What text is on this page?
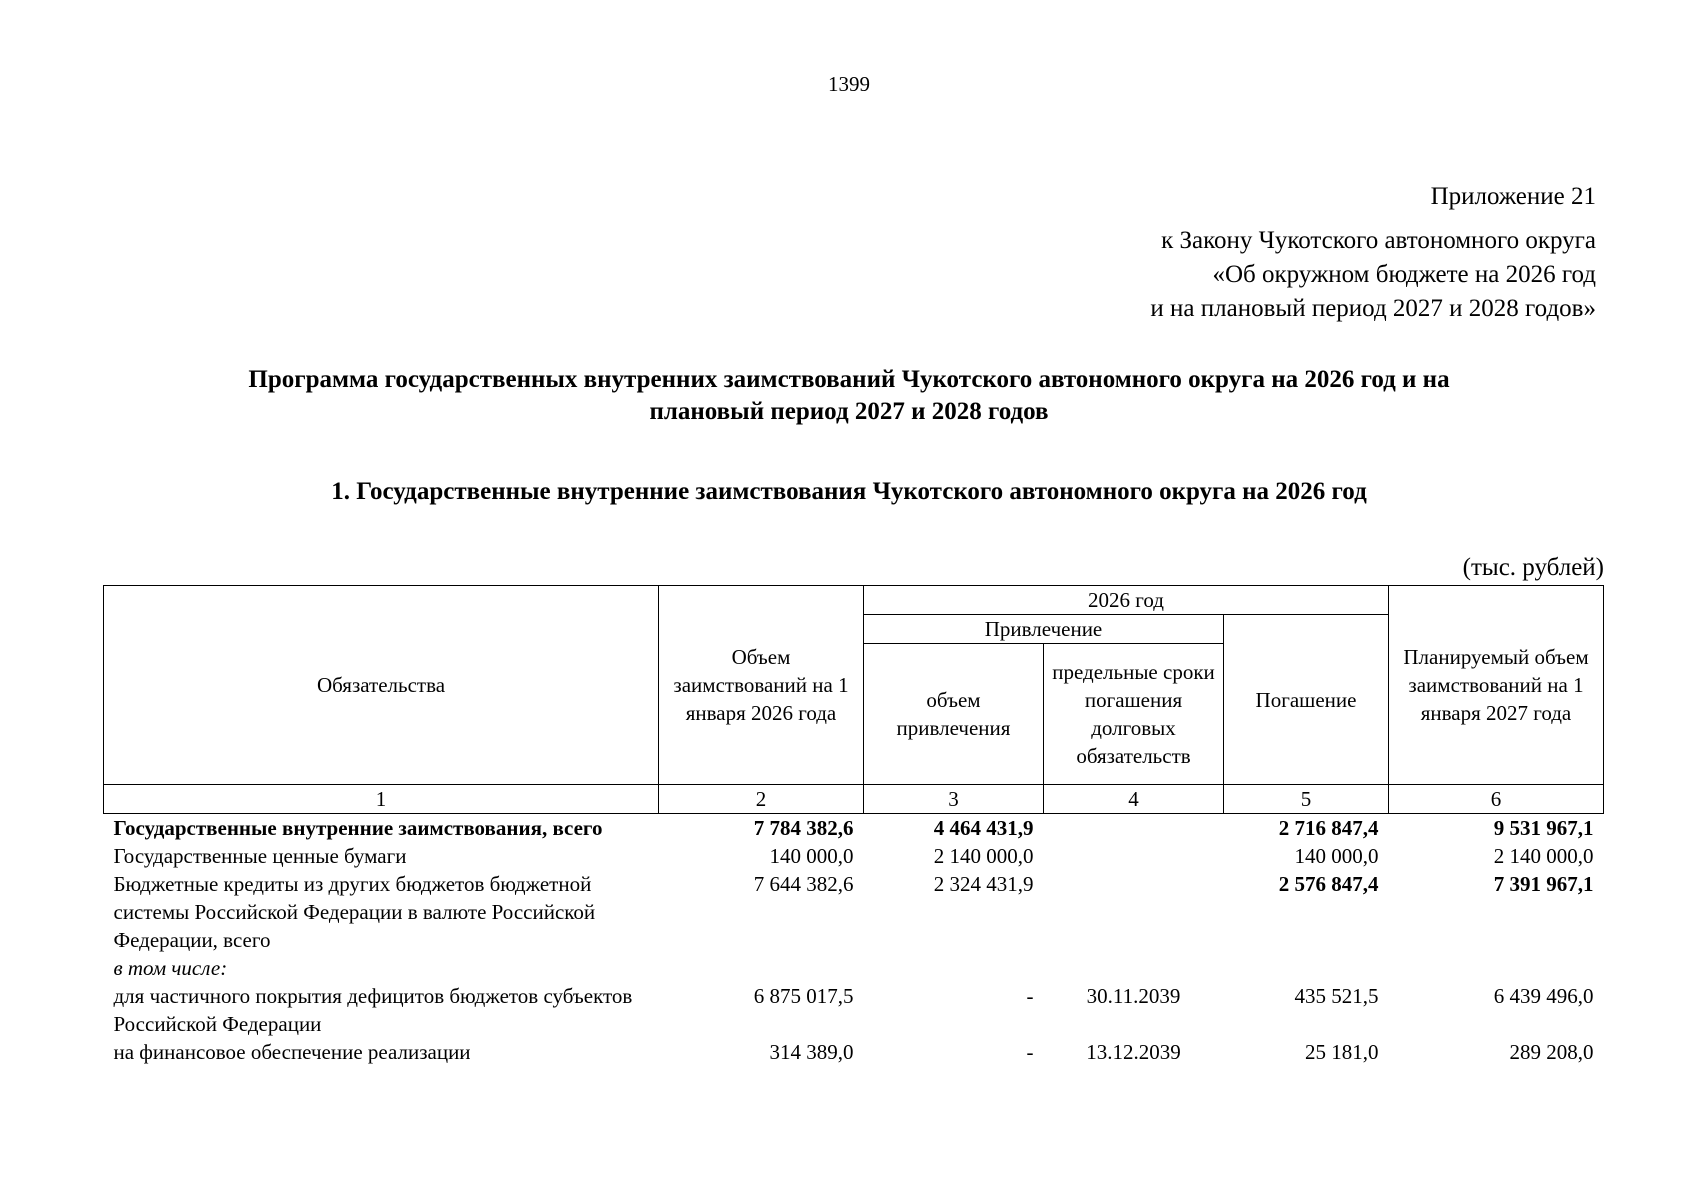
1399
Приложение 21
к Закону Чукотского автономного округа
«Об окружном бюджете на 2026 год
и на плановый период 2027 и 2028 годов»
Программа государственных внутренних заимствований Чукотского автономного округа на 2026 год и на
плановый период 2027 и 2028 годов
1. Государственные внутренние заимствования Чукотского автономного округа на 2026 год
(тыс. рублей)
Обязательства	Объем заимствований на 1 января 2026 года	2026 год			Планируемый объем заимствований на 1 января 2027 года
		Привлечение		Погашение	
		объем привлечения	предельные сроки погашения долговых обязательств		
1	2	3	4	5	6
Государственные внутренние заимствования, всего	7 784 382,6	4 464 431,9		2 716 847,4	9 531 967,1
Государственные ценные бумаги	140 000,0	2 140 000,0		140 000,0	2 140 000,0
Бюджетные кредиты из других бюджетов бюджетной системы Российской Федерации в валюте Российской Федерации, всего	7 644 382,6	2 324 431,9		2 576 847,4	7 391 967,1
в том числе:					
для частичного покрытия дефицитов бюджетов субъектов Российской Федерации	6 875 017,5	-	30.11.2039	435 521,5	6 439 496,0
на финансовое обеспечение реализации	314 389,0	-	13.12.2039	25 181,0	289 208,0
